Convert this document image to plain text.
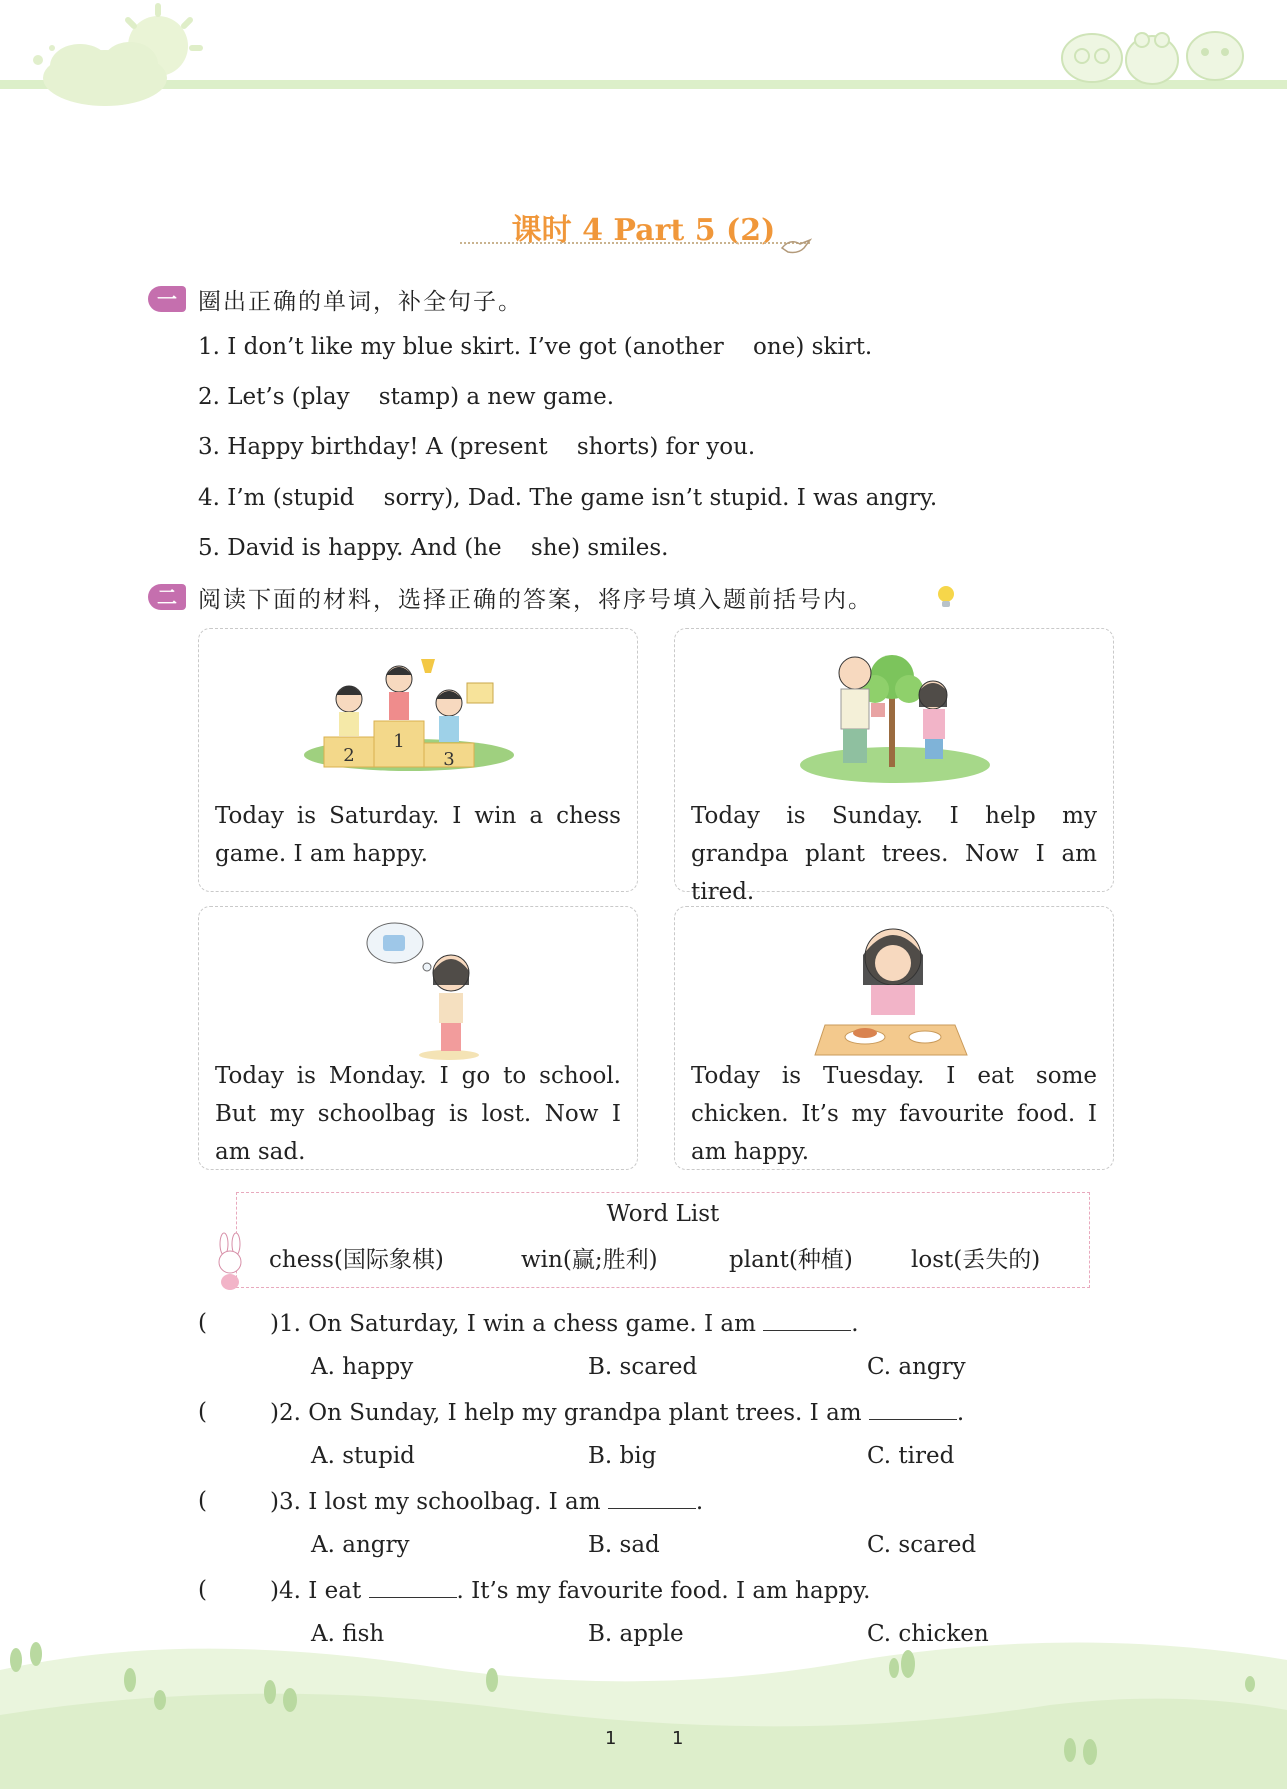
课时 4 Part 5 (2)
一 圈出正确的单词，补全句子。
1. I don’t like my blue skirt. I’ve got (another    one) skirt.
2. Let’s (play    stamp) a new game.
3. Happy birthday! A (present    shorts) for you.
4. I’m (stupid    sorry), Dad. The game isn’t stupid. I was angry.
5. David is happy. And (he    she) smiles.
二 阅读下面的材料，选择正确的答案，将序号填入题前括号内。
2
1
3
Today is Saturday. I win a chess game. I am happy.
Today is Sunday. I help my grandpa plant trees. Now I am tired.
Today is Monday. I go to school. But my schoolbag is lost. Now I am sad.
Today is Tuesday. I eat some chicken. It’s my favourite food. I am happy.
Word List
chess(国际象棋)	win(赢;胜利)	plant(种植)	lost(丢失的)
(	)1. On Saturday, I win a chess game. I am	.
A. happy	B. scared	C. angry
(	)2. On Sunday, I help my grandpa plant trees. I am	.
A. stupid	B. big	C. tired
(	)3. I lost my schoolbag. I am	.
A. angry	B. sad	C. scared
(	)4. I eat	. It’s my favourite food. I am happy.
A. fish	B. apple	C. chicken
1	1
